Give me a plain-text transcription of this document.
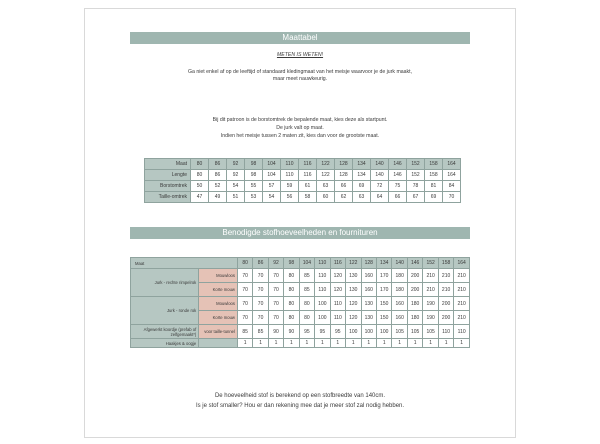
Maattabel
METEN IS WETEN!
Ga niet enkel af op de leeftijd of standaard kledingmaat van het meisje waarvoor je de jurk maakt,
maar meet nauwkeurig.
Bij dit patroon is de borstomtrek de bepalende maat, kies deze als startpunt.
De jurk valt op maat.
Indien het meisje tussen 2 maten zit, kies dan voor de grootste maat.
Maat	80	86	92	98	104	110	116	122	128	134	140	146	152	158	164
Lengte	80	86	92	98	104	110	116	122	128	134	140	146	152	158	164
Borstomtrek	50	52	54	55	57	59	61	63	66	69	72	75	78	81	84
Taille-omtrek	47	49	51	53	54	56	58	60	62	63	64	66	67	69	70
Benodigde stofhoeveelheden en fournituren
Maat		80	86	92	98	104	110	116	122	128	134	140	146	152	158	164
Jurk - rechte rimpelrok	Mouwloos	70	70	70	80	85	110	120	130	160	170	180	200	210	210	210
	Korte mouw	70	70	70	80	85	110	120	130	160	170	180	200	210	210	210
Jurk - ronde rok	Mouwloos	70	70	70	80	80	100	110	120	130	150	160	180	190	200	210
	Korte mouw	70	70	70	80	80	100	110	120	130	150	160	180	190	200	210
Afgewerkt koordje (prefab of zelfgemaakt*)	voor taille-tunnel	85	85	90	90	95	95	95	100	100	100	105	105	105	110	110
Haakjes & oogje		1	1	1	1	1	1	1	1	1	1	1	1	1	1	1
De hoeveelheid stof is berekend op een stofbreedte van 140cm.
Is je stof smaller? Hou er dan rekening mee dat je meer stof zal nodig hebben.
